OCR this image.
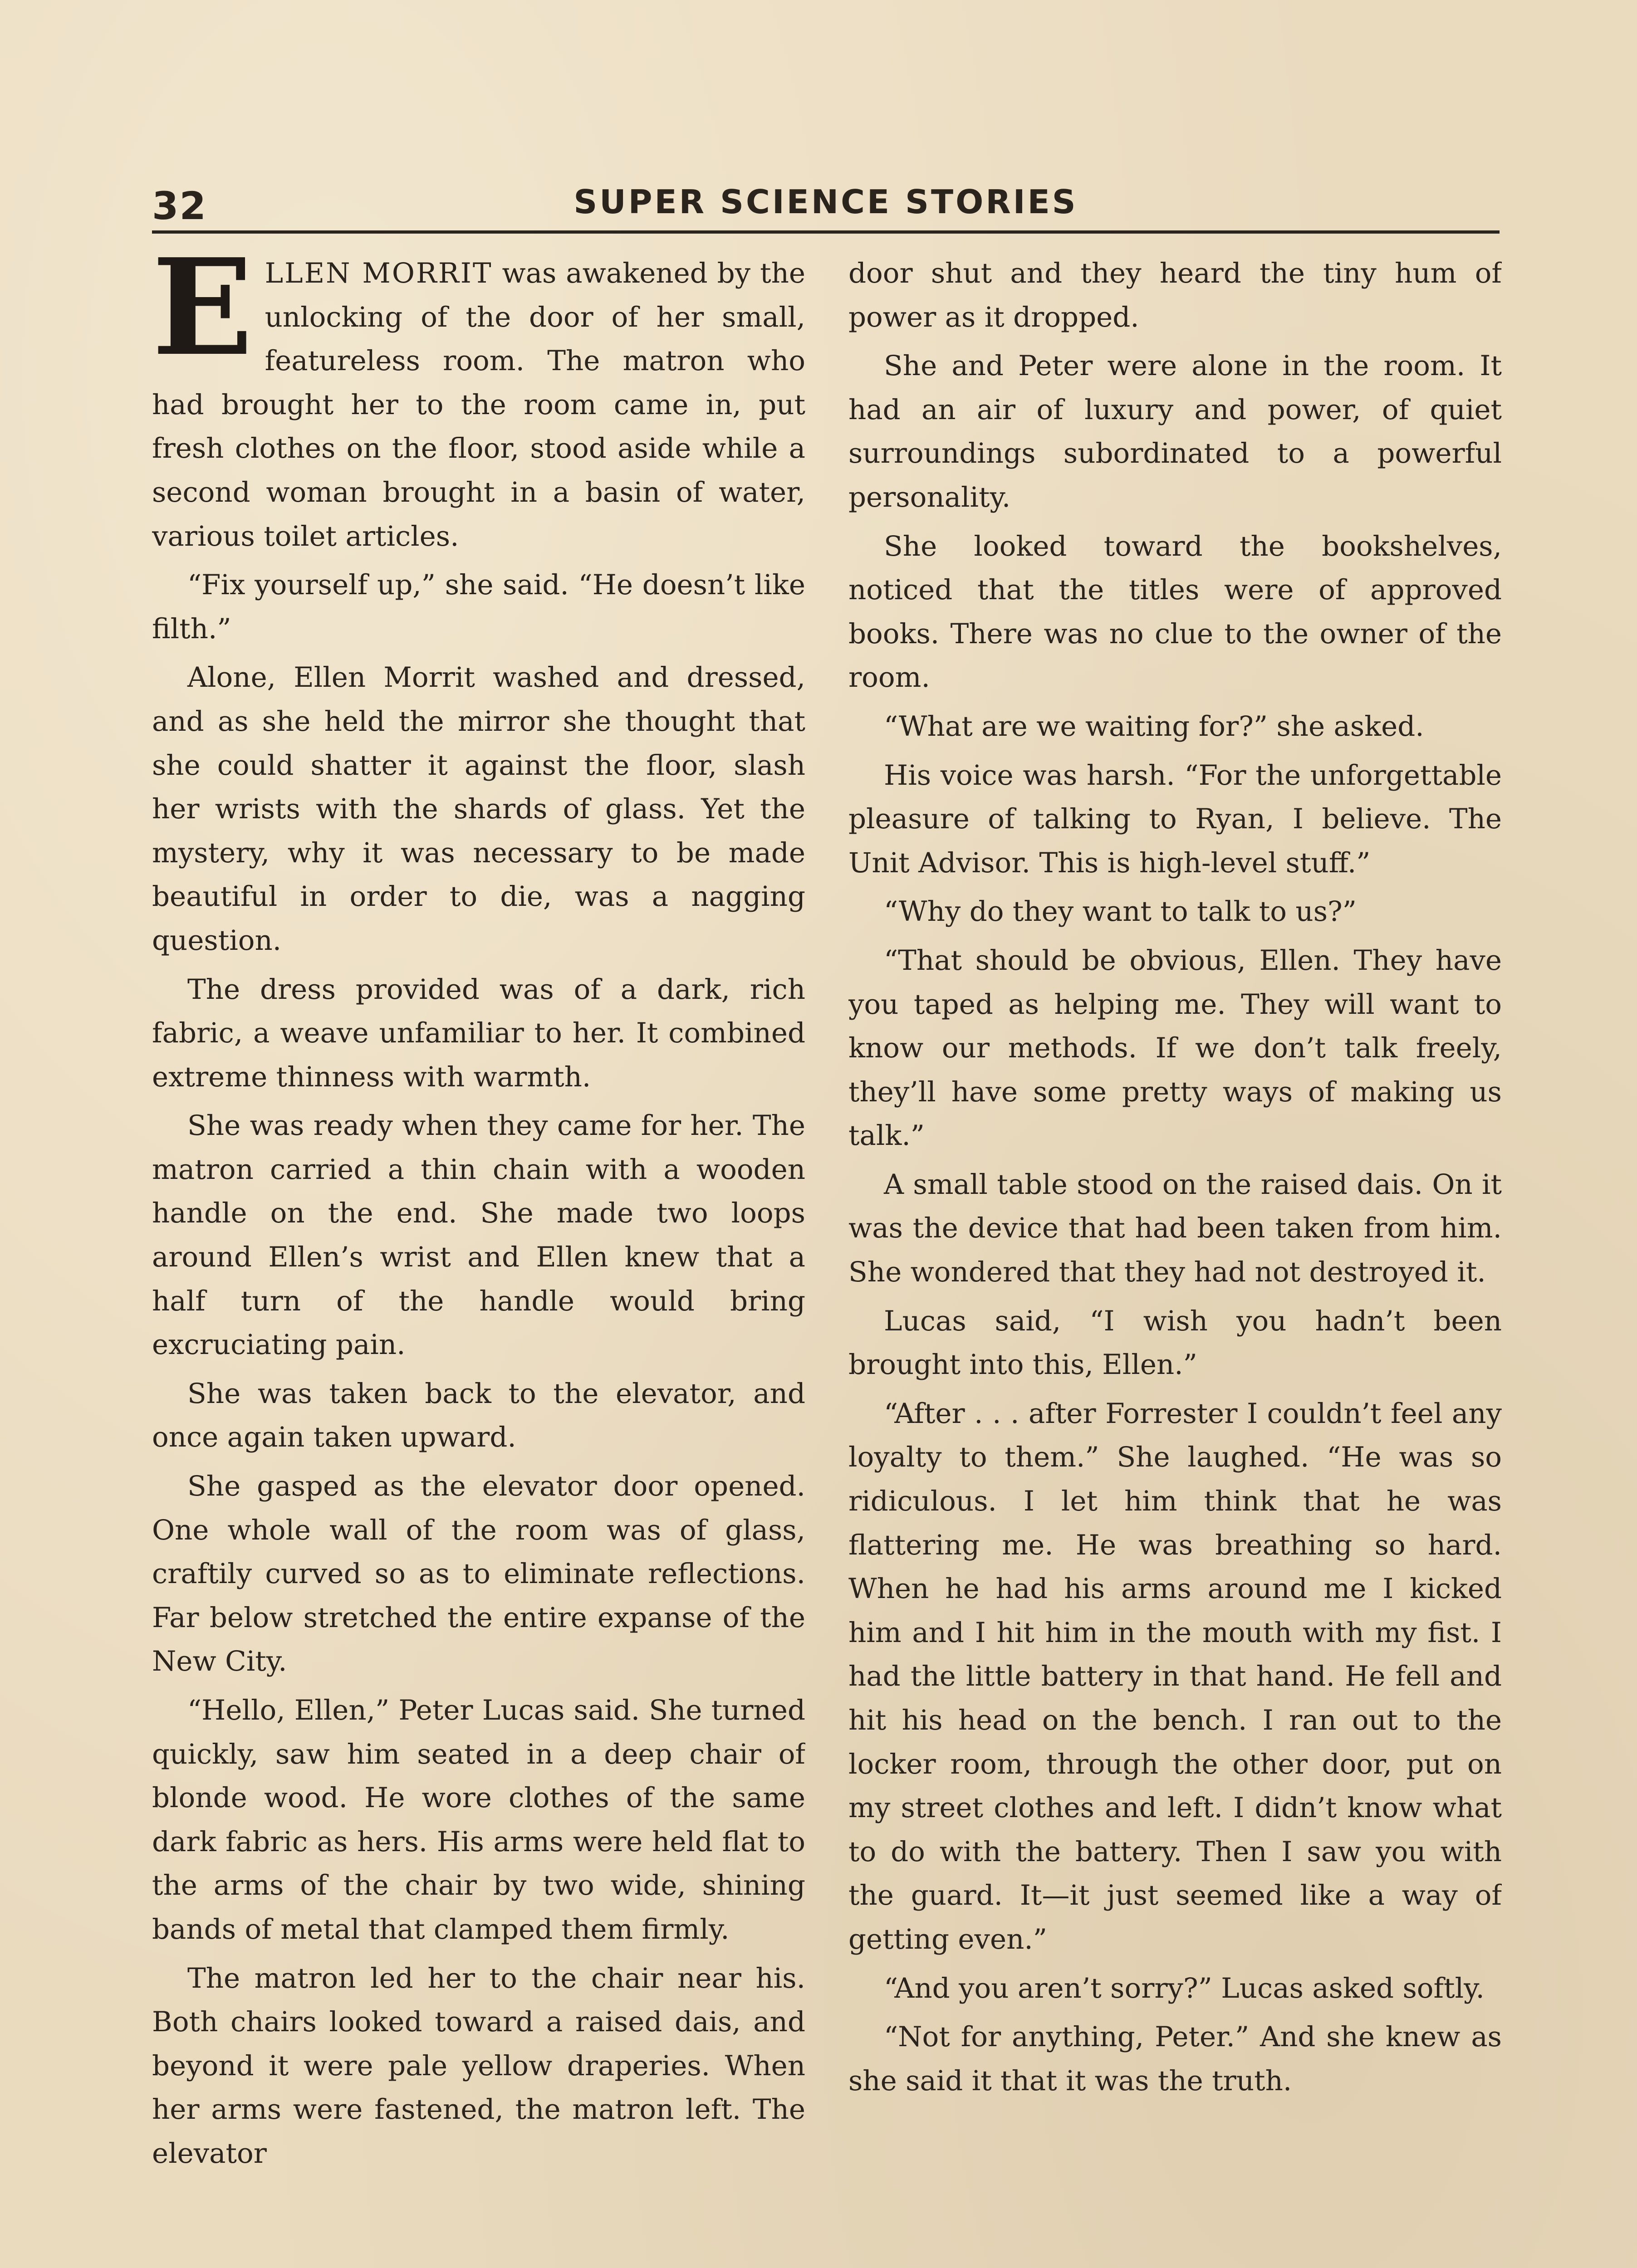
32	SUPER SCIENCE STORIES

ELLEN MORRIT was awakened by the unlocking of the door of her small, featureless room. The matron who had brought her to the room came in, put fresh clothes on the floor, stood aside while a second woman brought in a basin of water, various toilet articles.

“Fix yourself up,” she said. “He doesn’t like filth.”

Alone, Ellen Morrit washed and dressed, and as she held the mirror she thought that she could shatter it against the floor, slash her wrists with the shards of glass. Yet the mystery, why it was necessary to be made beautiful in order to die, was a nagging question.

The dress provided was of a dark, rich fabric, a weave unfamiliar to her. It combined extreme thinness with warmth.

She was ready when they came for her. The matron carried a thin chain with a wooden handle on the end. She made two loops around Ellen’s wrist and Ellen knew that a half turn of the handle would bring excruciating pain.

She was taken back to the elevator, and once again taken upward.

She gasped as the elevator door opened. One whole wall of the room was of glass, craftily curved so as to eliminate reflections. Far below stretched the entire expanse of the New City.

“Hello, Ellen,” Peter Lucas said. She turned quickly, saw him seated in a deep chair of blonde wood. He wore clothes of the same dark fabric as hers. His arms were held flat to the arms of the chair by two wide, shining bands of metal that clamped them firmly.

The matron led her to the chair near his. Both chairs looked toward a raised dais, and beyond it were pale yellow draperies. When her arms were fastened, the matron left. The elevator

door shut and they heard the tiny hum of power as it dropped.

She and Peter were alone in the room. It had an air of luxury and power, of quiet surroundings subordinated to a powerful personality.

She looked toward the bookshelves, noticed that the titles were of approved books. There was no clue to the owner of the room.

“What are we waiting for?” she asked.

His voice was harsh. “For the unforgettable pleasure of talking to Ryan, I believe. The Unit Advisor. This is high-level stuff.”

“Why do they want to talk to us?”

“That should be obvious, Ellen. They have you taped as helping me. They will want to know our methods. If we don’t talk freely, they’ll have some pretty ways of making us talk.”

A small table stood on the raised dais. On it was the device that had been taken from him. She wondered that they had not destroyed it.

Lucas said, “I wish you hadn’t been brought into this, Ellen.”

“After . . . after Forrester I couldn’t feel any loyalty to them.” She laughed. “He was so ridiculous. I let him think that he was flattering me. He was breathing so hard. When he had his arms around me I kicked him and I hit him in the mouth with my fist. I had the little battery in that hand. He fell and hit his head on the bench. I ran out to the locker room, through the other door, put on my street clothes and left. I didn’t know what to do with the battery. Then I saw you with the guard. It—it just seemed like a way of getting even.”

“And you aren’t sorry?” Lucas asked softly.

“Not for anything, Peter.” And she knew as she said it that it was the truth.
